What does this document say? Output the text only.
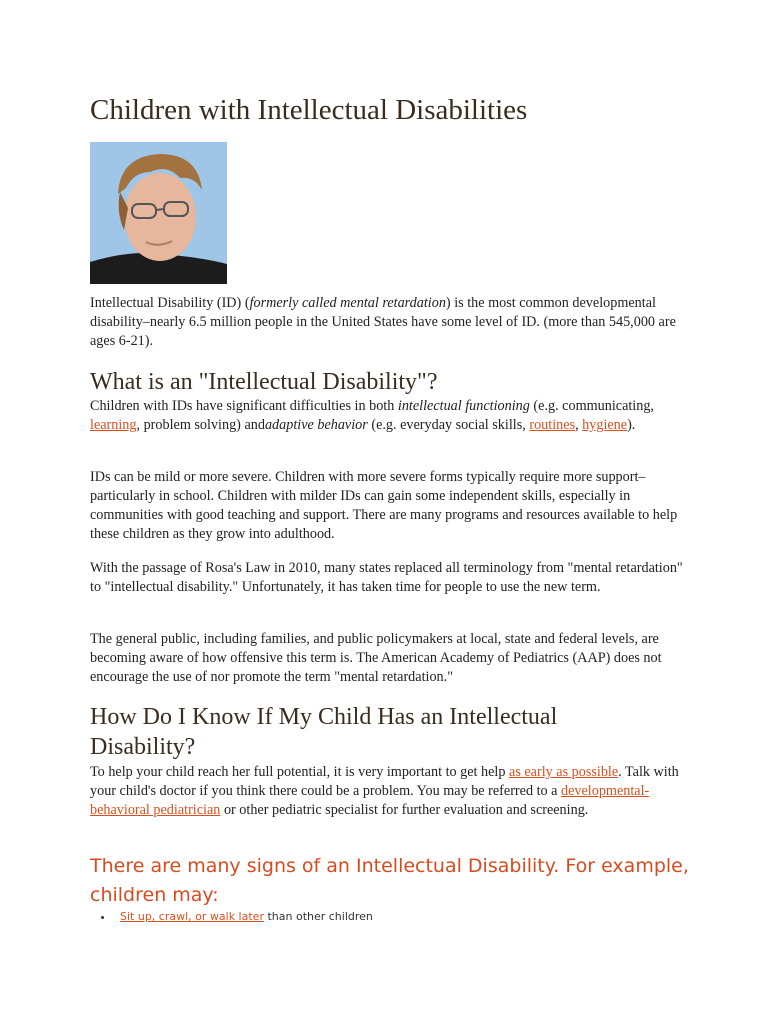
Children with Intellectual Disabilities

Intellectual Disability (ID) (formerly called mental retardation) is the most common developmental disability–nearly 6.5 million people in the United States have some level of ID. (more than 545,000 are ages 6-21).

What is an "Intellectual Disability"?

Children with IDs have significant difficulties in both intellectual functioning (e.g. communicating, learning, problem solving) andadaptive behavior (e.g. everyday social skills, routines, hygiene).

IDs can be mild or more severe. Children with more severe forms typically require more support–particularly in school. Children with milder IDs can gain some independent skills, especially in communities with good teaching and support. There are many programs and resources available to help these children as they grow into adulthood.

With the passage of Rosa's Law in 2010, many states replaced all terminology from "mental retardation" to "intellectual disability." Unfortunately, it has taken time for people to use the new term.

The general public, including families, and public policymakers at local, state and federal levels, are becoming aware of how offensive this term is. The American Academy of Pediatrics (AAP) does not encourage the use of nor promote the term "mental retardation."

How Do I Know If My Child Has an Intellectual Disability?

To help your child reach her full potential, it is very important to get help as early as possible. Talk with your child's doctor if you think there could be a problem. You may be referred to a developmental-behavioral pediatrician or other pediatric specialist for further evaluation and screening.

There are many signs of an Intellectual Disability. For example, children may:
• Sit up, crawl, or walk later than other children
